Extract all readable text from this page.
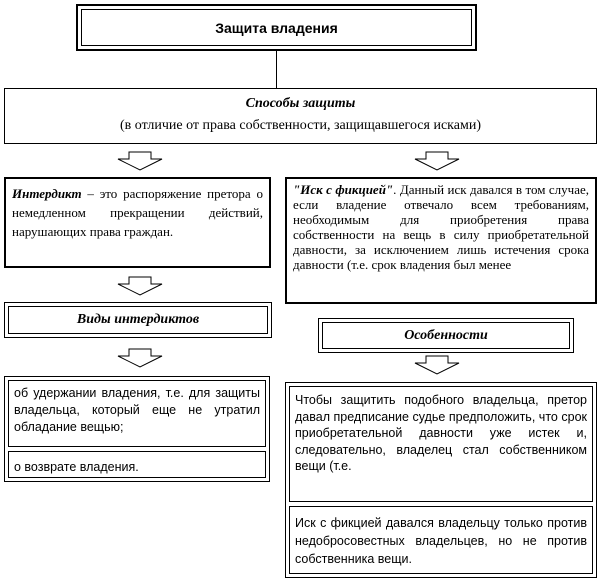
Защита владения
Способы защиты
(в отличие от права собственности, защищавшегося исками)
Интердикт – это распоряжение претора о немедленном прекращении действий, нарушающих права граждан.
"Иск с фикцией". Данный иск давался в том случае, если владение отвечало всем требованиям, необходимым для приобретения права собственности на вещь в силу приобретательной давности, за исключением лишь истечения срока давности (т.е. срок владения был менее
Виды интердиктов
Особенности
об удержании владения, т.е. для защиты владельца, который еще не утратил обладание вещью;
о возврате владения.
Чтобы защитить подобного владельца, претор давал предписание судье предположить, что срок приобретательной давности уже истек и, следовательно, владелец стал собственником вещи (т.е.
Иск с фикцией давался владельцу только против недобросовестных владельцев, но не против собственника вещи.
